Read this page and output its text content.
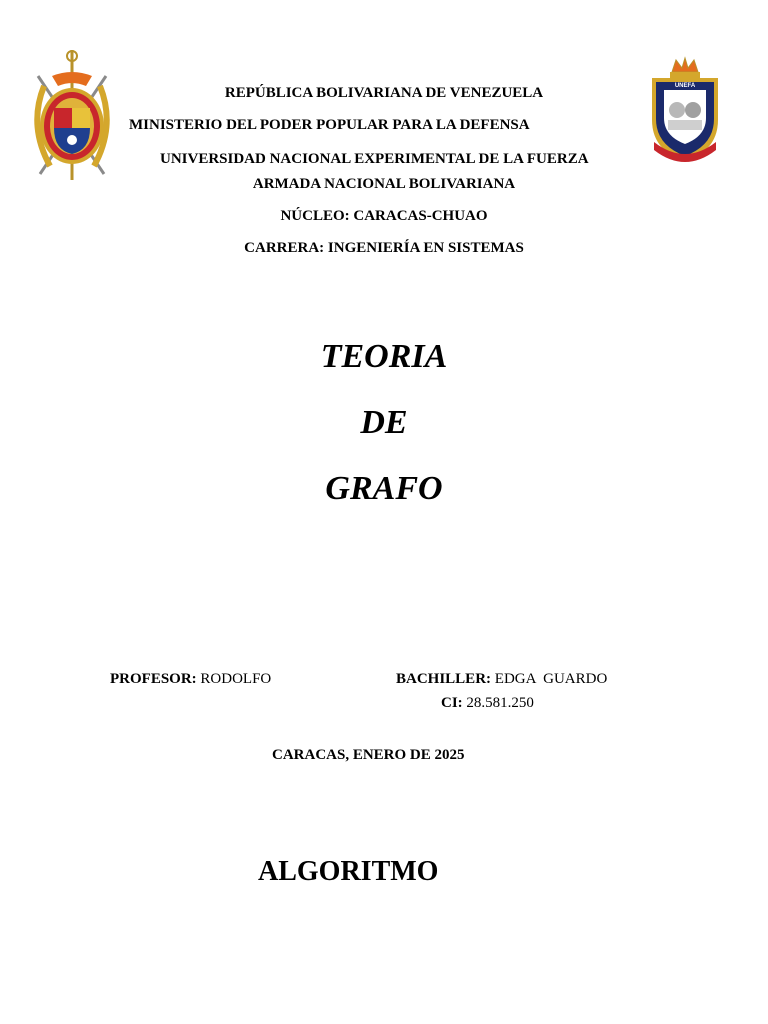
UNEFA
REPÚBLICA BOLIVARIANA DE VENEZUELA
MINISTERIO DEL PODER POPULAR PARA LA DEFENSA
UNIVERSIDAD NACIONAL EXPERIMENTAL DE LA FUERZA
ARMADA NACIONAL BOLIVARIANA
NÚCLEO: CARACAS-CHUAO
CARRERA: INGENIERÍA EN SISTEMAS
TEORIA
DE
GRAFO
PROFESOR: RODOLFO	BACHILLER: EDGA  GUARDO
CI: 28.581.250
CARACAS, ENERO DE 2025
ALGORITMO
